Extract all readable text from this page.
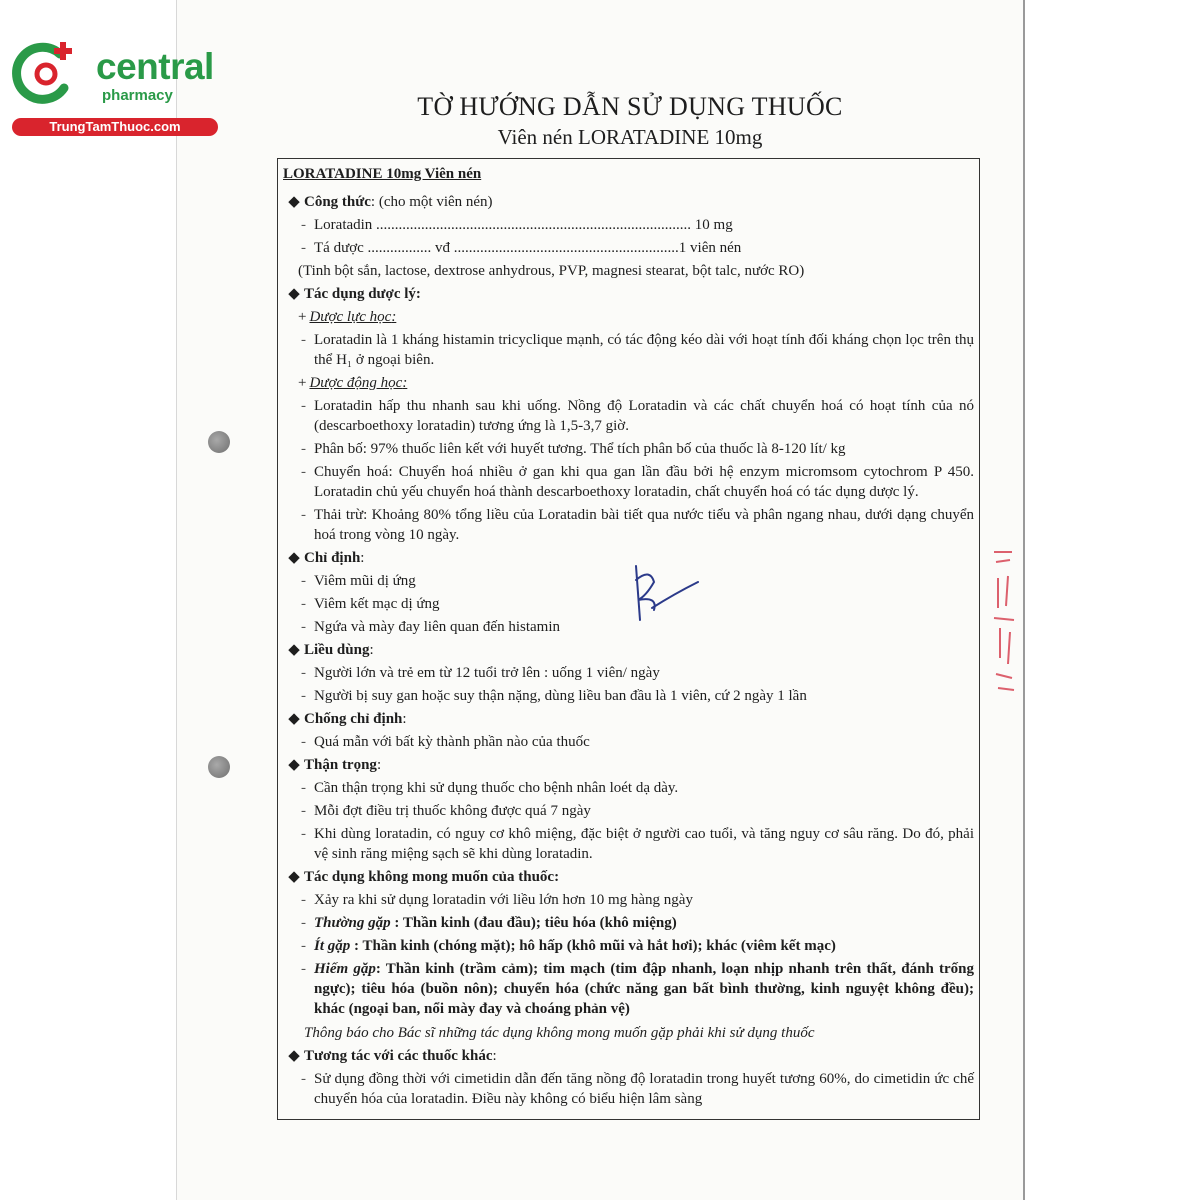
central
pharmacy
TrungTamThuoc.com
TỜ HƯỚNG DẪN SỬ DỤNG THUỐC
Viên nén LORATADINE 10mg
LORATADINE 10mg Viên nén
◆ Công thức : (cho một viên nén)
- Loratadin .................................................................................... 10 mg
- Tá dược ................. vđ ............................................................1 viên nén
(Tinh bột sắn, lactose, dextrose anhydrous, PVP, magnesi stearat, bột talc, nước RO)
◆ Tác dụng dược lý:
+ Dược lực học:
- Loratadin là 1 kháng histamin tricyclique mạnh, có tác động kéo dài với hoạt tính đối kháng chọn lọc trên thụ thể H₁ ở ngoại biên.
+ Dược động học:
- Loratadin hấp thu nhanh sau khi uống. Nồng độ Loratadin và các chất chuyển hoá có hoạt tính của nó (descarboethoxy loratadin) tương ứng là 1,5-3,7 giờ.
- Phân bố: 97% thuốc liên kết với huyết tương. Thể tích phân bố của thuốc là 8-120 lít/ kg
- Chuyển hoá: Chuyển hoá nhiều ở gan khi qua gan lần đầu bởi hệ enzym micromsom cytochrom P 450. Loratadin chủ yếu chuyển hoá thành descarboethoxy loratadin, chất chuyển hoá có tác dụng dược lý.
- Thải trừ: Khoảng 80% tổng liều của Loratadin bài tiết qua nước tiểu và phân ngang nhau, dưới dạng chuyển hoá trong vòng 10 ngày.
◆ Chỉ định :
- Viêm mũi dị ứng
- Viêm kết mạc dị ứng
- Ngứa và mày đay liên quan đến histamin
◆ Liều dùng :
- Người lớn và trẻ em từ 12 tuổi trở lên : uống 1 viên/ ngày
- Người bị suy gan hoặc suy thận nặng, dùng liều ban đầu là 1 viên, cứ 2 ngày 1 lần
◆ Chống chỉ định :
- Quá mẫn với bất kỳ thành phần nào của thuốc
◆ Thận trọng :
- Cần thận trọng khi sử dụng thuốc cho bệnh nhân loét dạ dày.
- Mỗi đợt điều trị thuốc không được quá 7 ngày
- Khi dùng loratadin, có nguy cơ khô miệng, đặc biệt ở người cao tuổi, và tăng nguy cơ sâu răng. Do đó, phải vệ sinh răng miệng sạch sẽ khi dùng loratadin.
◆ Tác dụng không mong muốn của thuốc:
- Xảy ra khi sử dụng loratadin với liều lớn hơn 10 mg hàng ngày
- Thường gặp : Thần kinh (đau đầu); tiêu hóa (khô miệng)
- Ít gặp : Thần kinh (chóng mặt); hô hấp (khô mũi và hắt hơi); khác (viêm kết mạc)
- Hiếm gặp: Thần kinh (trầm cảm); tim mạch (tim đập nhanh, loạn nhịp nhanh trên thất, đánh trống ngực); tiêu hóa (buồn nôn); chuyển hóa (chức năng gan bất bình thường, kinh nguyệt không đều); khác (ngoại ban, nổi mày đay và choáng phản vệ)
Thông báo cho Bác sĩ những tác dụng không mong muốn gặp phải khi sử dụng thuốc
◆ Tương tác với các thuốc khác :
- Sử dụng đồng thời với cimetidin dẫn đến tăng nồng độ loratadin trong huyết tương 60%, do cimetidin ức chế chuyển hóa của loratadin. Điều này không có biểu hiện lâm sàng
